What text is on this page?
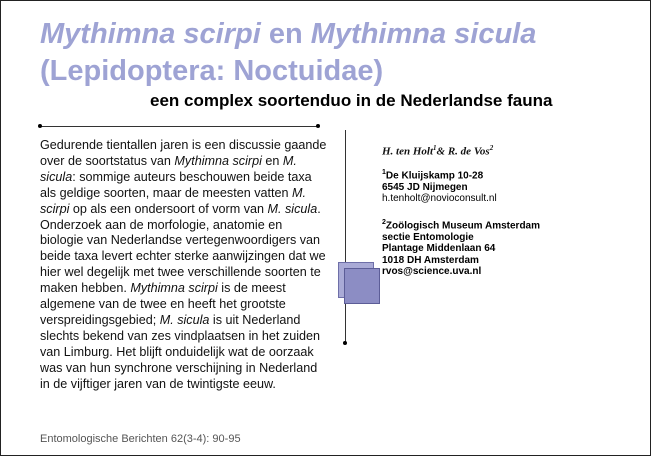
Mythimna scirpi en Mythimna sicula
(Lepidoptera: Noctuidae)
een complex soortenduo in de Nederlandse fauna

Gedurende tientallen jaren is een discussie gaande over de soortstatus van Mythimna scirpi en M. sicula: sommige auteurs beschouwen beide taxa als geldige soorten, maar de meesten vatten M. scirpi op als een ondersoort of vorm van M. sicula. Onderzoek aan de morfologie, anatomie en biologie van Nederlandse vertegenwoordigers van beide taxa levert echter sterke aanwijzingen dat we hier wel degelijk met twee verschillende soorten te maken hebben. Mythimna scirpi is de meest algemene van de twee en heeft het grootste verspreidingsgebied; M. sicula is uit Nederland slechts bekend van zes vindplaatsen in het zuiden van Limburg. Het blijft onduidelijk wat de oorzaak was van hun synchrone verschijning in Nederland in de vijftiger jaren van de twintigste eeuw.

Entomologische Berichten 62(3-4): 90-95

H. ten Holt$^1$& R. de Vos$^2$

$^1$De Kluijskamp 10-28
6545 JD Nijmegen
h.tenholt@novioconsult.nl
$^2$Zoölogisch Museum Amsterdam
sectie Entomologie
Plantage Middenlaan 64
1018 DH Amsterdam
rvos@science.uva.nl
